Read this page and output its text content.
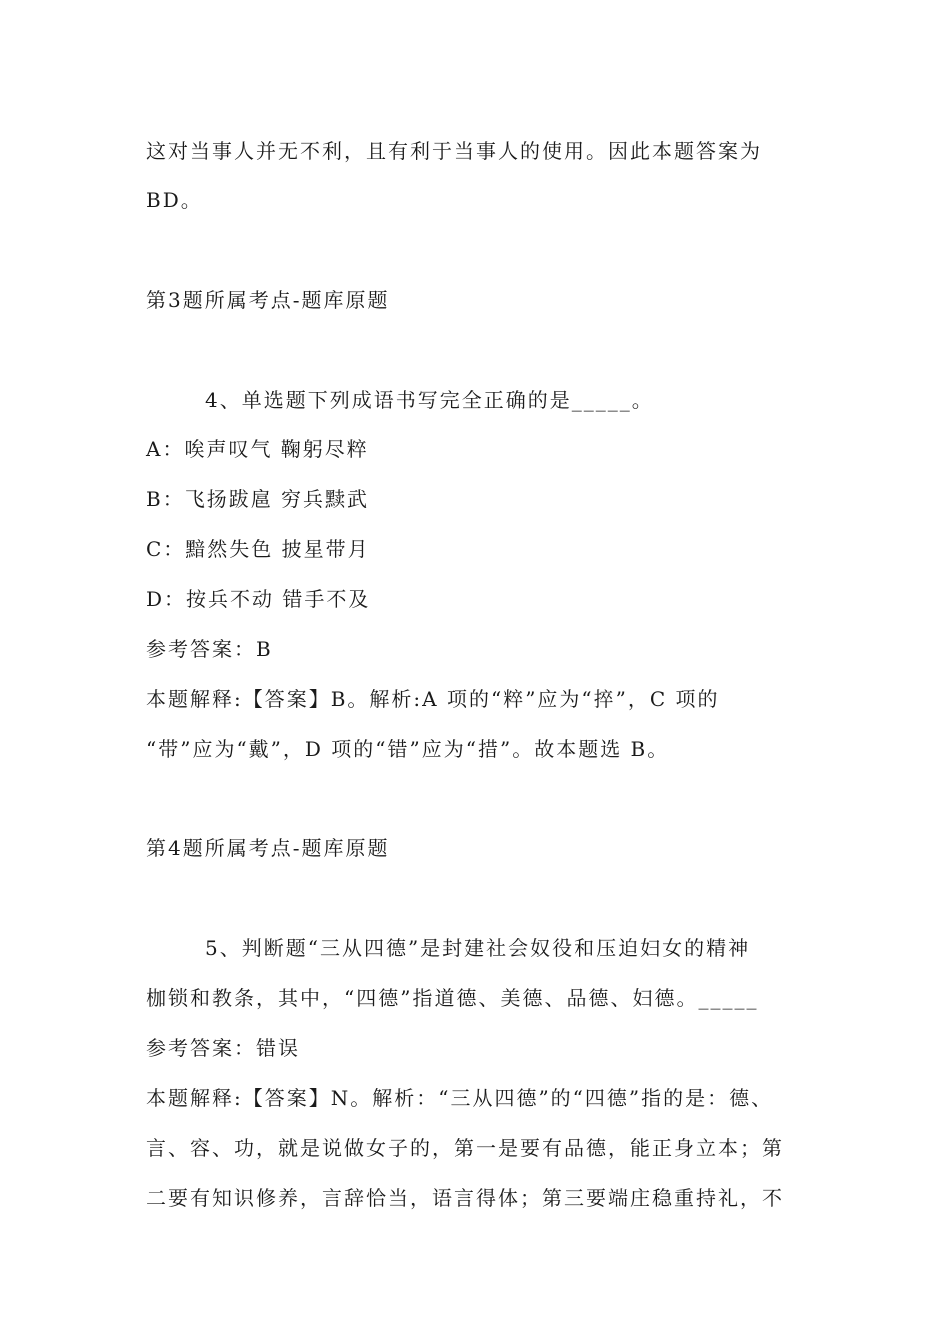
这对当事人并无不利，且有利于当事人的使用。因此本题答案为
BD。
第3题所属考点-题库原题
4、单选题下列成语书写完全正确的是_____。
A：唉声叹气 鞠躬尽粹
B：飞扬跋扈 穷兵黩武
C：黯然失色 披星带月
D：按兵不动 错手不及
参考答案：B
本题解释:【答案】B。解析:A 项的“粹”应为“捽”，C 项的
“带”应为“戴”，D 项的“错”应为“措”。故本题选 B。
第4题所属考点-题库原题
5、判断题“三从四德”是封建社会奴役和压迫妇女的精神
枷锁和教条，其中，“四德”指道德、美德、品德、妇德。_____
参考答案：错误
本题解释:【答案】N。解析：“三从四德”的“四德”指的是：德、
言、容、功，就是说做女子的，第一是要有品德，能正身立本；第
二要有知识修养，言辞恰当，语言得体；第三要端庄稳重持礼，不
